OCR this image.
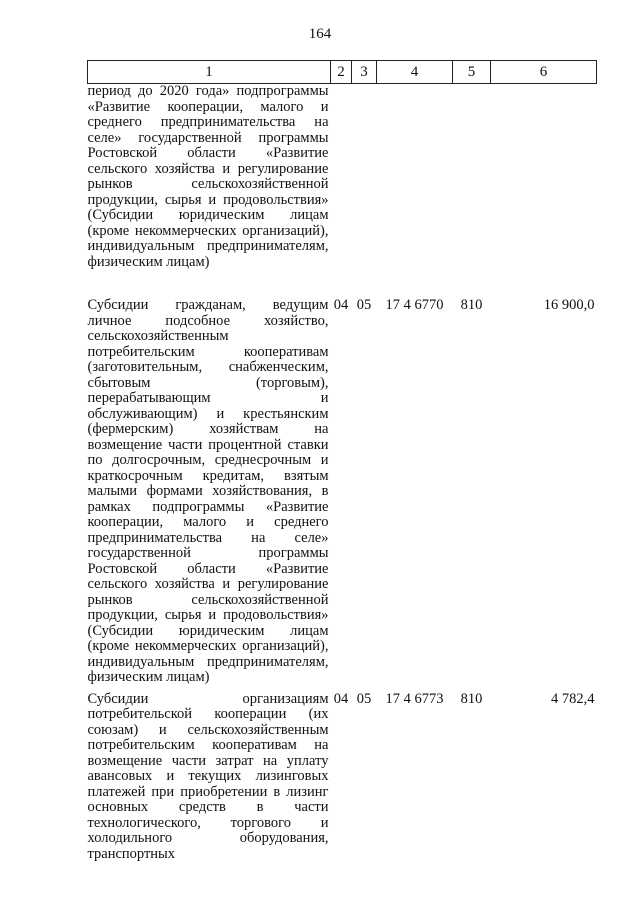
164
1	2	3	4	5	6
период до 2020 года» подпрограммы «Развитие кооперации, малого и среднего предпринимательства на селе» государственной программы Ростовской области «Развитие сельского хозяйства и регулирование рынков сельскохозяйственной продукции, сырья и продовольствия» (Субсидии юридическим лицам (кроме некоммерческих организаций), индивидуальным предпринимателям, физическим лицам)					
Субсидии гражданам, ведущим личное подсобное хозяйство, сельскохозяйственным потребительским кооперативам (заготовительным, снабженческим, сбытовым (торговым), перерабатывающим и обслуживающим) и крестьянским (фермерским) хозяйствам на возмещение части процентной ставки по долгосрочным, среднесрочным и краткосрочным кредитам, взятым малыми формами хозяйствования, в рамках подпрограммы «Развитие кооперации, малого и среднего предпринимательства на селе» государственной программы Ростовской области «Развитие сельского хозяйства и регулирование рынков сельскохозяйственной продукции, сырья и продовольствия» (Субсидии юридическим лицам (кроме некоммерческих организаций), индивидуальным предпринимателям, физическим лицам)	04	05	17 4 6770	810	16 900,0
Субсидии организациям потребительской кооперации (их союзам) и сельскохозяйственным потребительским кооперативам на возмещение части затрат на уплату авансовых и текущих лизинговых платежей при приобретении в лизинг основных средств в части технологического, торгового и холодильного оборудования, транспортных	04	05	17 4 6773	810	4 782,4
